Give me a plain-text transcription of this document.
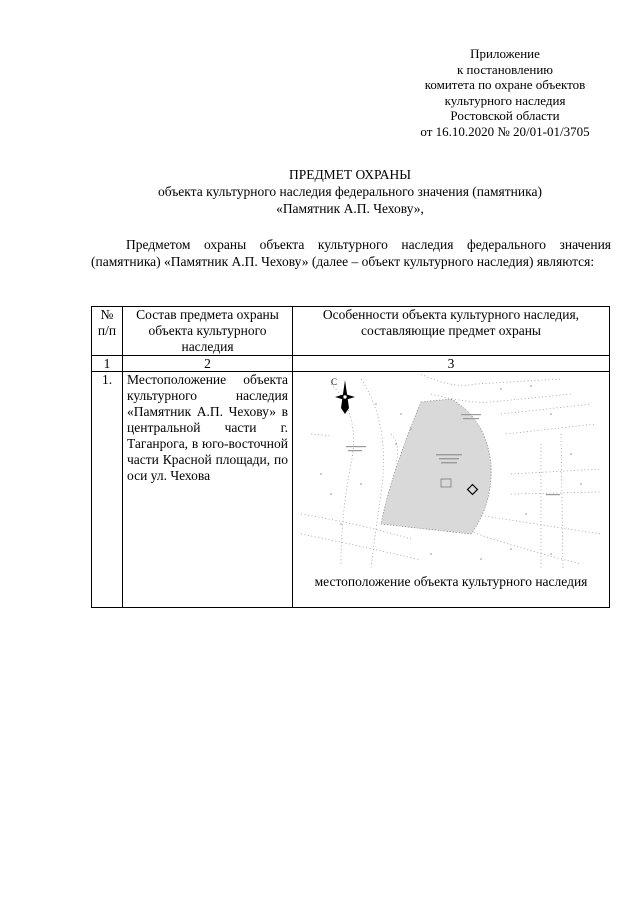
Приложение
к постановлению
комитета по охране объектов
культурного наследия
Ростовской области
от 16.10.2020 № 20/01-01/3705
ПРЕДМЕТ ОХРАНЫ
объекта культурного наследия федерального значения (памятника)
«Памятник А.П. Чехову»,
Предметом охраны объекта культурного наследия федерального значения (памятника) «Памятник А.П. Чехову» (далее – объект культурного наследия) являются:
№ п/п	Состав предмета охраны объекта культурного наследия	Особенности объекта культурного наследия, составляющие предмет охраны
1	2	3
1.	Местоположение объекта культурного наследия «Памятник А.П. Чехову» в центральной части г. Таганрога, в юго-восточной части Красной площади, по оси ул. Чехова	С
местоположение объекта культурного наследия
